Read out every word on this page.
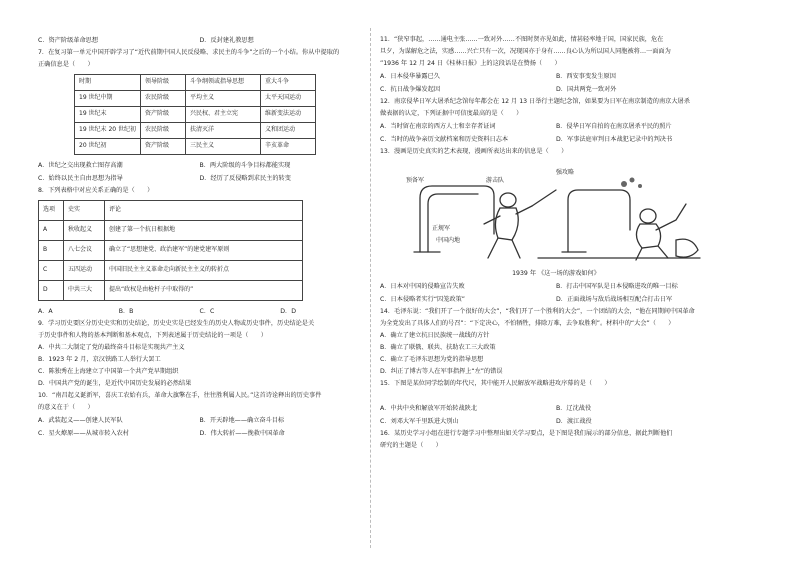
C．资产阶级革命思想	D．反封建礼教思想
7．在复习第一单元中国开辟学习了“近代前期中国人民反侵略、求民主的斗争”之后的一个小结。你从中提取的
正确信息是（　　）
时期	领导阶级	斗争纲领或指导思想	重大斗争
19 世纪中期	农民阶级	平均主义	太平天国运动
19 世纪末	资产阶级	兴民权、君主立宪	维新变法运动
19 世纪末 20 世纪初	农民阶级	扶清灭洋	义和团运动
20 世纪初	资产阶级	三民主义	辛亥革命
A．世纪之交出现救亡图存高潮	B．两大阶级的斗争目标都能实现
C．始终以民主自由思想为指导	D．经历了反侵略到求民主的转变
8．下列表格中对应关系正确的是（　　）
选项	史实	评论
A	秋收起义	创建了第一个抗日根据地
B	八七会议	确立了“思想建党、政治建军”的建党建军原则
C	五四运动	中国旧民主主义革命走向新民主主义的转折点
D	中共三大	提出“政权是由枪杆子中取得的”
A．A	B．B	C．C	D．D
9．学习历史要区分历史史实和历史结论，历史史实是已经发生的历史人物或历史事件，历史结论是关
于历史事件和人物的基本判断和基本观点，下列表述属于历史结论的一项是（　　）
A．中共二大制定了党的最终奋斗目标是实现共产主义
B．1923 年 2 月，京汉铁路工人举行大罢工
C．陈独秀在上海建立了中国第一个共产党早期组织
D．中国共产党的诞生，是近代中国历史发展的必然结果
10．“南昌起义诞新军，喜庆工农始有兵，革命大旗擎在手，往往胜利属人民。”这首诗诠释出的历史事件
的意义在于（　　）
A．武装起义——创建人民军队	B．开天辟地——确立奋斗目标
C．星火燎原——从城市转入农村	D．伟大转折——挽救中国革命
11．“狭窄事起，……通电主张……一致对外……不图时贤亦见如此，情甚轻率地于国，国家民族，危在
旦夕，为谋解危之法，实感……兴亡只有一次，况现国亦于身有……良心认为所以国人同胞被将…一面面为
”1936 年 12 月 24 日《桂林日报》上的这段话是在赞扬（　　）
A．日本侵华暴露已久	B．西安事变发生原因
C．抗日战争爆发起因	D．国共两党一致对外
12．南京侵华日军大屠杀纪念馆每年都会在 12 月 13 日举行主题纪念馆，如果要为日军在南京制造的南京大屠杀
做表据的认定，下列证据中可信度最高的是（　　）
A．当时留在南京的西方人士和幸存者证词	B．侵华日军自拍的在南京屠杀平民的照片
C．当时的战争亲历文献档案和历史资料日志本	D．军事法庭审判日本战犯记录中的判决书
13．漫画是历史真实的艺术表现，漫画所表达出来的信息是（　　）
强攻略
预备军	游击队
正规军
中国内地
1939 年 《这一场的游戏如何》
A．日本对中国的侵略宣告失败	B．打击中国军队是日本侵略进攻的唯一目标
C．日本侵略者实行“囚笼政策”	D．正面战场与敌后战场相互配合打击日军
14．毛泽东说：“我们开了一个很好的大会”，“我们开了一个胜利的大会”，一个团结的大会，“他在同期间中国革命
为全党发出了具体人们的号召”：“下定决心，不怕牺牲，排除万难，去争取胜利”。材料中的“大会”（　　）
A．确立了建立抗日民族统一战线的方针
B．确立了联俄、联共、扶助农工三大政策
C．确立了毛泽东思想为党的指导思想
D．纠正了博古等人在军事指挥上“左”的错误
15．下图是某位同学绘制的年代尺，其中能开人民解放军战略进攻序幕的是（　　）
A．中共中央和解放军开始转战陕北	B．辽沈战役
C．刘邓大军千里跃进大别山	D．渡江战役
16．某历史学习小组在进行专题学习中整理出如关学习要点，是下图是我们展示的部分信息，据此判断他们
研究的主题是（　　）
